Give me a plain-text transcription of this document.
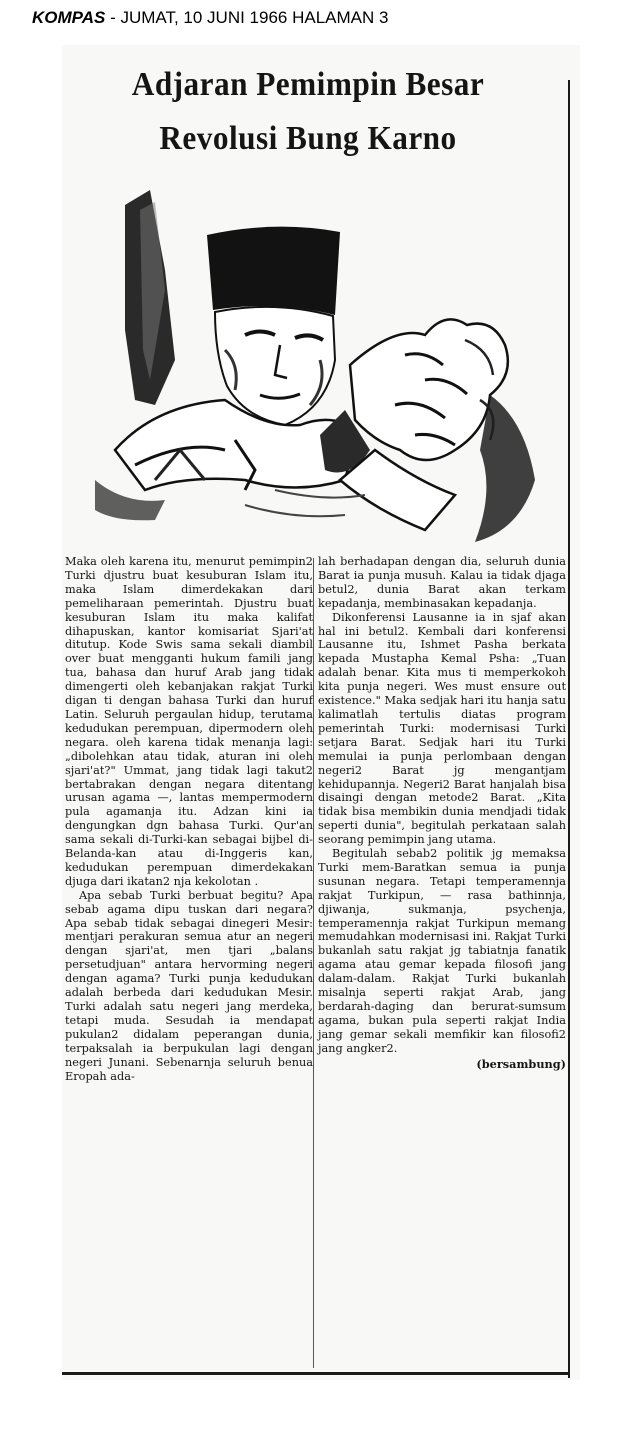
KOMPAS - JUMAT, 10 JUNI 1966 HALAMAN 3
Adjaran Pemimpin Besar
Revolusi Bung Karno

Maka oleh karena itu, menurut pemimpin2 Turki djustru buat kesuburan Islam itu, maka Islam dimerdekakan dari pemeliharaan pemerintah. Djustru buat kesuburan Islam itu maka kalifat dihapuskan, kantor komisariat Sjari'at ditutup. Kode Swis sama sekali diambil over buat mengganti hukum famili jang tua, bahasa dan huruf Arab jang tidak dimengerti oleh kebanjakan rakjat Turki digan ti dengan bahasa Turki dan huruf Latin. Seluruh pergaulan hidup, terutama kedudukan perempuan, dipermodern oleh negara. oleh karena tidak menanja lagi: „dibolehkan atau tidak, aturan ini oleh sjari'at?" Ummat, jang tidak lagi takut2 bertabrakan dengan negara ditentang urusan agama —, lantas mempermodern pula agamanja itu. Adzan kini ia dengungkan dgn bahasa Turki. Qur'an sama sekali di-Turki-kan sebagai bijbel di-Belanda-kan atau di-Inggeris kan, kedudukan perempuan dimerdekakan djuga dari ikatan2 nja kekolotan .

Apa sebab Turki berbuat begitu? Apa sebab agama dipu tuskan dari negara? Apa sebab tidak sebagai dinegeri Mesir: mentjari perakuran semua atur an negeri dengan sjari'at, men tjari „balans persetudjuan" antara hervorming negeri dengan agama? Turki punja kedudukan adalah berbeda dari kedudukan Mesir. Turki adalah satu negeri jang merdeka, tetapi muda. Sesudah ia mendapat pukulan2 didalam peperangan dunia, terpaksalah ia berpukulan lagi dengan negeri Junani. Sebenarnja seluruh benua Eropah ada-

lah berhadapan dengan dia, seluruh dunia Barat ia punja musuh. Kalau ia tidak djaga betul2, dunia Barat akan terkam kepadanja, membinasakan kepadanja.

Dikonferensi Lausanne ia in sjaf akan hal ini betul2. Kembali dari konferensi Lausanne itu, Ishmet Pasha berkata kepada Mustapha Kemal Psha: „Tuan adalah benar. Kita mus ti memperkokoh kita punja negeri. Wes must ensure out existence." Maka sedjak hari itu hanja satu kalimatlah tertulis diatas program pemerintah Turki: modernisasi Turki setjara Barat. Sedjak hari itu Turki memulai ia punja perlombaan dengan negeri2 Barat jg mengantjam kehidupannja. Negeri2 Barat hanjalah bisa disaingi dengan metode2 Barat. „Kita tidak bisa membikin dunia mendjadi tidak seperti dunia", begitulah perkataan salah seorang pemimpin jang utama.

Begitulah sebab2 politik jg memaksa Turki mem-Baratkan semua ia punja susunan negara. Tetapi temperamennja rakjat Turkipun, — rasa bathinnja, djiwanja, sukmanja, psychenja, temperamennja rakjat Turkipun memang memudahkan modernisasi ini. Rakjat Turki bukanlah satu rakjat jg tabiatnja fanatik agama atau gemar kepada filosofi jang dalam-dalam. Rakjat Turki bukanlah misalnja seperti rakjat Arab, jang berdarah-daging dan berurat-sumsum agama, bukan pula seperti rakjat India jang gemar sekali memfikir kan filosofi2 jang angker2.

(bersambung)
